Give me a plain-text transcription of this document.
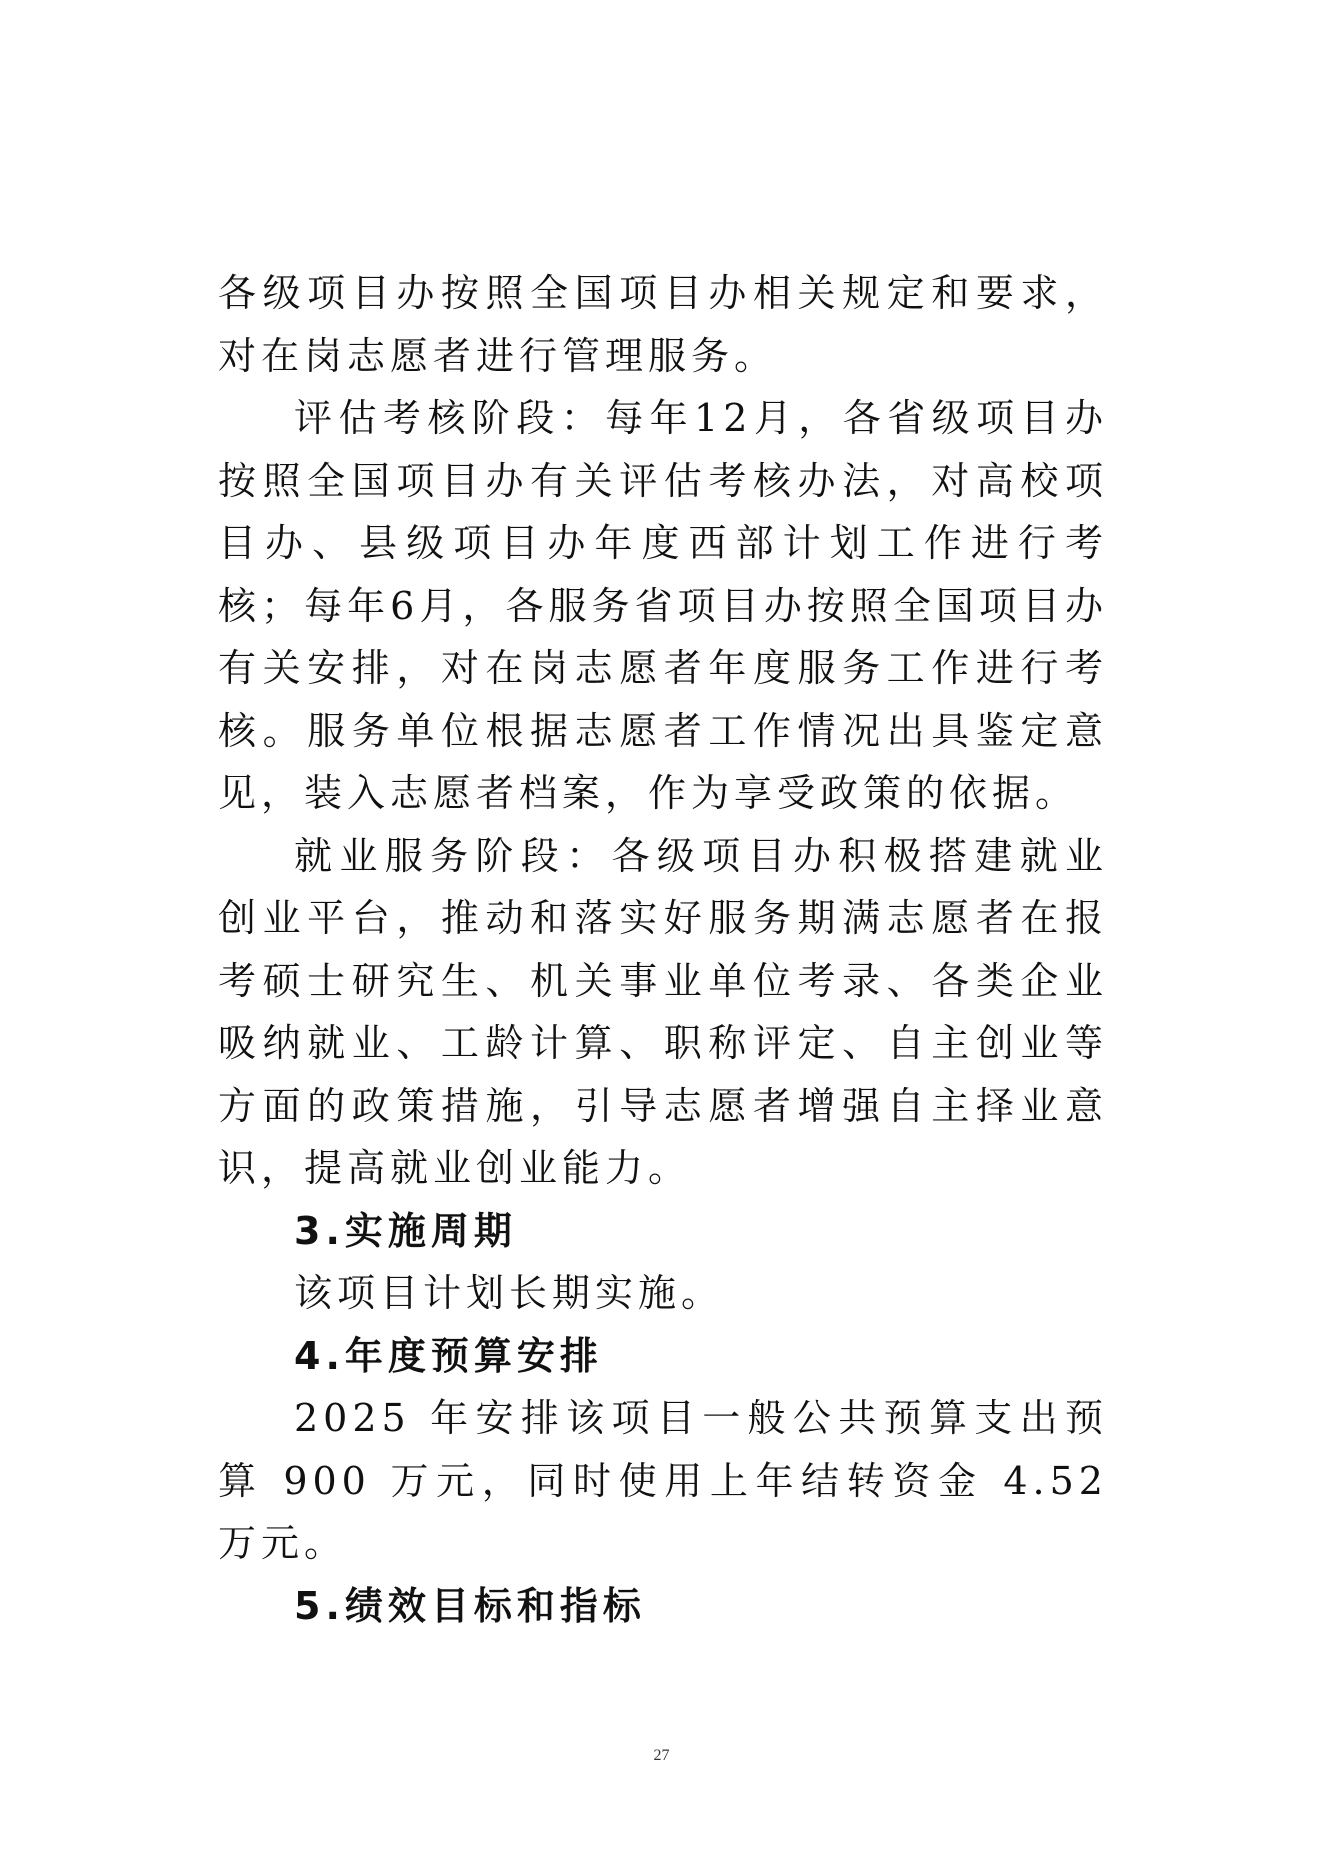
各级项目办按照全国项目办相关规定和要求，对在岗志愿者进行管理服务。

评估考核阶段：每年12月，各省级项目办按照全国项目办有关评估考核办法，对高校项目办、县级项目办年度西部计划工作进行考核；每年6月，各服务省项目办按照全国项目办有关安排，对在岗志愿者年度服务工作进行考核。服务单位根据志愿者工作情况出具鉴定意见，装入志愿者档案，作为享受政策的依据。

就业服务阶段：各级项目办积极搭建就业创业平台，推动和落实好服务期满志愿者在报考硕士研究生、机关事业单位考录、各类企业吸纳就业、工龄计算、职称评定、自主创业等方面的政策措施，引导志愿者增强自主择业意识，提高就业创业能力。

3.实施周期

该项目计划长期实施。

4.年度预算安排

2025 年安排该项目一般公共预算支出预算 900 万元，同时使用上年结转资金 4.52 万元。

5.绩效目标和指标
27
